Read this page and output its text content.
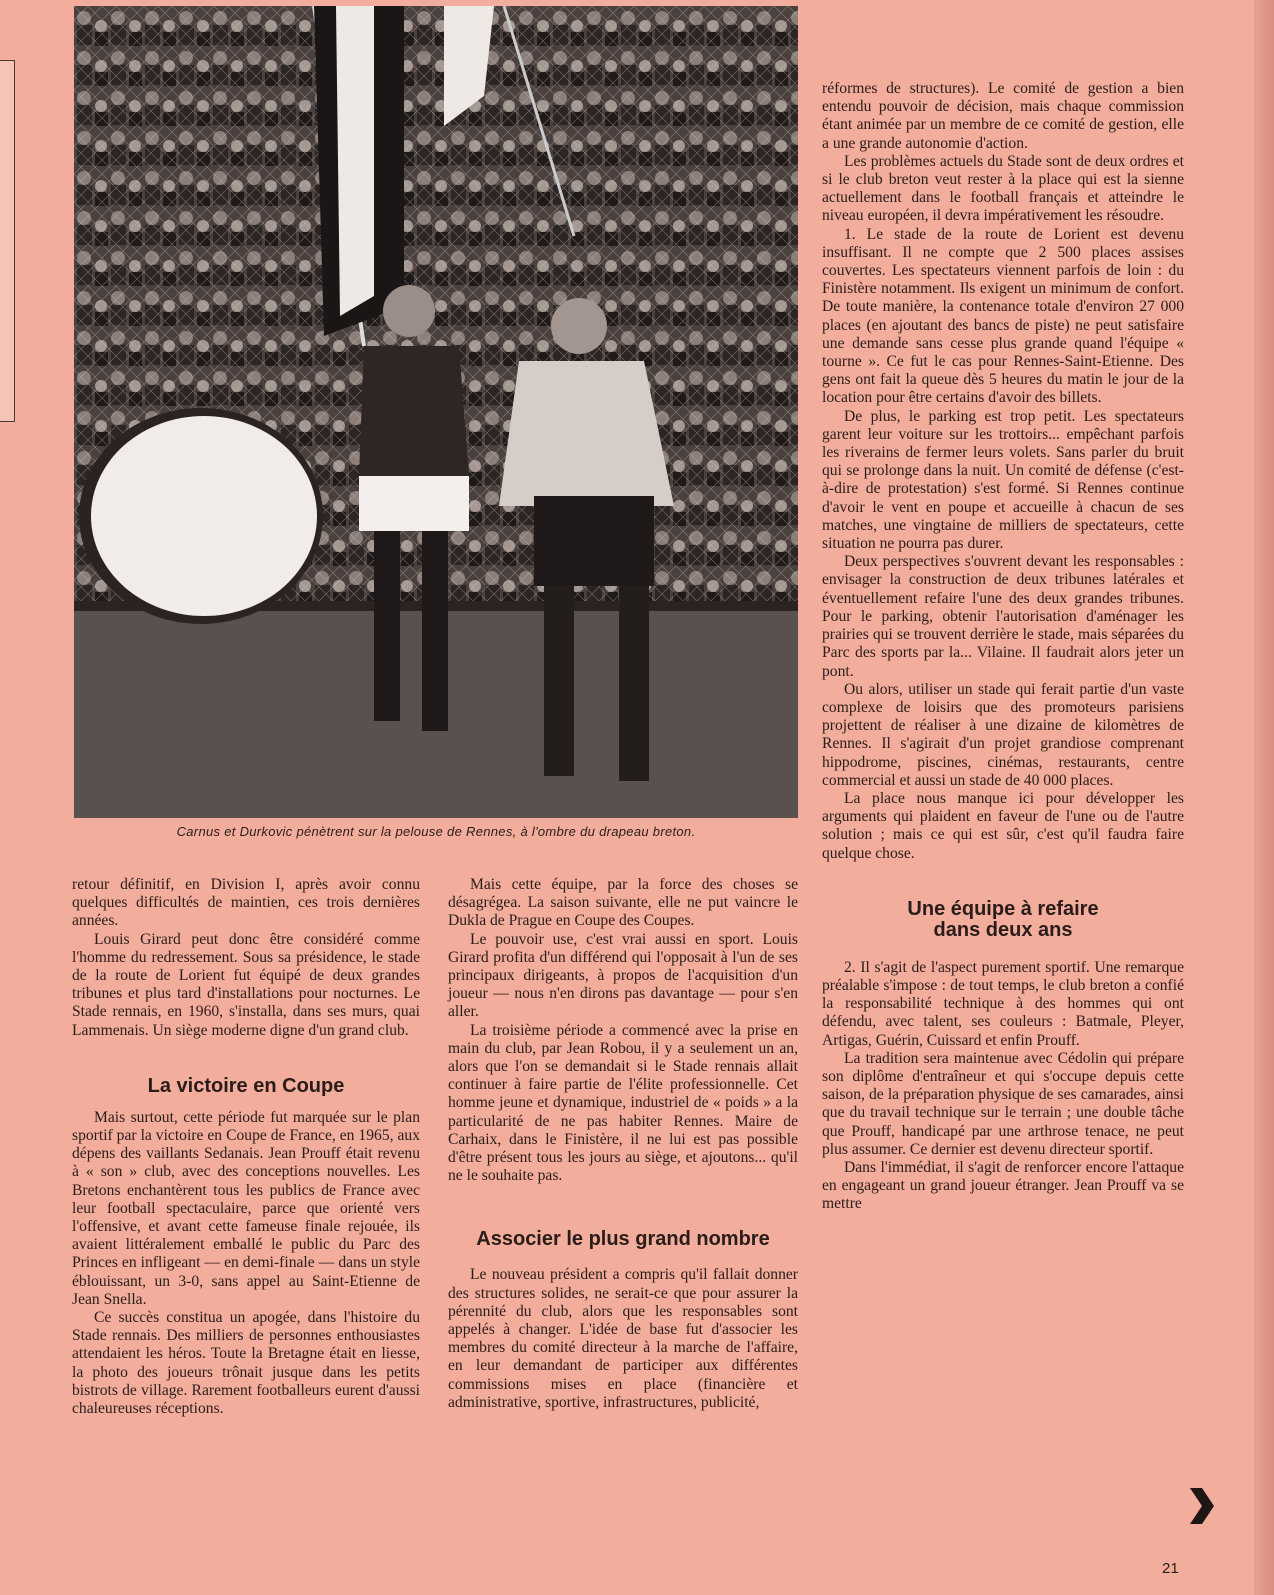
Carnus et Durkovic pénètrent sur la pelouse de Rennes, à l'ombre du drapeau breton.

retour définitif, en Division I, après avoir connu quelques difficultés de maintien, ces trois dernières années.

Louis Girard peut donc être considéré comme l'homme du redressement. Sous sa présidence, le stade de la route de Lorient fut équipé de deux grandes tribunes et plus tard d'installations pour nocturnes. Le Stade rennais, en 1960, s'installa, dans ses murs, quai Lammenais. Un siège moderne digne d'un grand club.

La victoire en Coupe

Mais surtout, cette période fut marquée sur le plan sportif par la victoire en Coupe de France, en 1965, aux dépens des vaillants Sedanais. Jean Prouff était revenu à « son » club, avec des conceptions nouvelles. Les Bretons enchantèrent tous les publics de France avec leur football spectaculaire, parce que orienté vers l'offensive, et avant cette fameuse finale rejouée, ils avaient littéralement emballé le public du Parc des Princes en infligeant — en demi-finale — dans un style éblouissant, un 3-0, sans appel au Saint-Etienne de Jean Snella.

Ce succès constitua un apogée, dans l'histoire du Stade rennais. Des milliers de personnes enthousiastes attendaient les héros. Toute la Bretagne était en liesse, la photo des joueurs trônait jusque dans les petits bistrots de village. Rarement footballeurs eurent d'aussi chaleureuses réceptions.

Mais cette équipe, par la force des choses se désagrégea. La saison suivante, elle ne put vaincre le Dukla de Prague en Coupe des Coupes.

Le pouvoir use, c'est vrai aussi en sport. Louis Girard profita d'un différend qui l'opposait à l'un de ses principaux dirigeants, à propos de l'acquisition d'un joueur — nous n'en dirons pas davantage — pour s'en aller.

La troisième période a commencé avec la prise en main du club, par Jean Robou, il y a seulement un an, alors que l'on se demandait si le Stade rennais allait continuer à faire partie de l'élite professionnelle. Cet homme jeune et dynamique, industriel de « poids » a la particularité de ne pas habiter Rennes. Maire de Carhaix, dans le Finistère, il ne lui est pas possible d'être présent tous les jours au siège, et ajoutons... qu'il ne le souhaite pas.

Associer le plus grand nombre

Le nouveau président a compris qu'il fallait donner des structures solides, ne serait-ce que pour assurer la pérennité du club, alors que les responsables sont appelés à changer. L'idée de base fut d'associer les membres du comité directeur à la marche de l'affaire, en leur demandant de participer aux différentes commissions mises en place (financière et administrative, sportive, infrastructures, publicité,

réformes de structures). Le comité de gestion a bien entendu pouvoir de décision, mais chaque commission étant animée par un membre de ce comité de gestion, elle a une grande autonomie d'action.

Les problèmes actuels du Stade sont de deux ordres et si le club breton veut rester à la place qui est la sienne actuellement dans le football français et atteindre le niveau européen, il devra impérativement les résoudre.

1. Le stade de la route de Lorient est devenu insuffisant. Il ne compte que 2 500 places assises couvertes. Les spectateurs viennent parfois de loin : du Finistère notamment. Ils exigent un minimum de confort. De toute manière, la contenance totale d'environ 27 000 places (en ajoutant des bancs de piste) ne peut satisfaire une demande sans cesse plus grande quand l'équipe « tourne ». Ce fut le cas pour Rennes-Saint-Etienne. Des gens ont fait la queue dès 5 heures du matin le jour de la location pour être certains d'avoir des billets.

De plus, le parking est trop petit. Les spectateurs garent leur voiture sur les trottoirs... empêchant parfois les riverains de fermer leurs volets. Sans parler du bruit qui se prolonge dans la nuit. Un comité de défense (c'est-à-dire de protestation) s'est formé. Si Rennes continue d'avoir le vent en poupe et accueille à chacun de ses matches, une vingtaine de milliers de spectateurs, cette situation ne pourra pas durer.

Deux perspectives s'ouvrent devant les responsables : envisager la construction de deux tribunes latérales et éventuellement refaire l'une des deux grandes tribunes. Pour le parking, obtenir l'autorisation d'aménager les prairies qui se trouvent derrière le stade, mais séparées du Parc des sports par la... Vilaine. Il faudrait alors jeter un pont.

Ou alors, utiliser un stade qui ferait partie d'un vaste complexe de loisirs que des promoteurs parisiens projettent de réaliser à une dizaine de kilomètres de Rennes. Il s'agirait d'un projet grandiose comprenant hippodrome, piscines, cinémas, restaurants, centre commercial et aussi un stade de 40 000 places.

La place nous manque ici pour développer les arguments qui plaident en faveur de l'une ou de l'autre solution ; mais ce qui est sûr, c'est qu'il faudra faire quelque chose.

Une équipe à refaire
dans deux ans

2. Il s'agit de l'aspect purement sportif. Une remarque préalable s'impose : de tout temps, le club breton a confié la responsabilité technique à des hommes qui ont défendu, avec talent, ses couleurs : Batmale, Pleyer, Artigas, Guérin, Cuissard et enfin Prouff.

La tradition sera maintenue avec Cédolin qui prépare son diplôme d'entraîneur et qui s'occupe depuis cette saison, de la préparation physique de ses camarades, ainsi que du travail technique sur le terrain ; une double tâche que Prouff, handicapé par une arthrose tenace, ne peut plus assumer. Ce dernier est devenu directeur sportif.

Dans l'immédiat, il s'agit de renforcer encore l'attaque en engageant un grand joueur étranger. Jean Prouff va se mettre

21
